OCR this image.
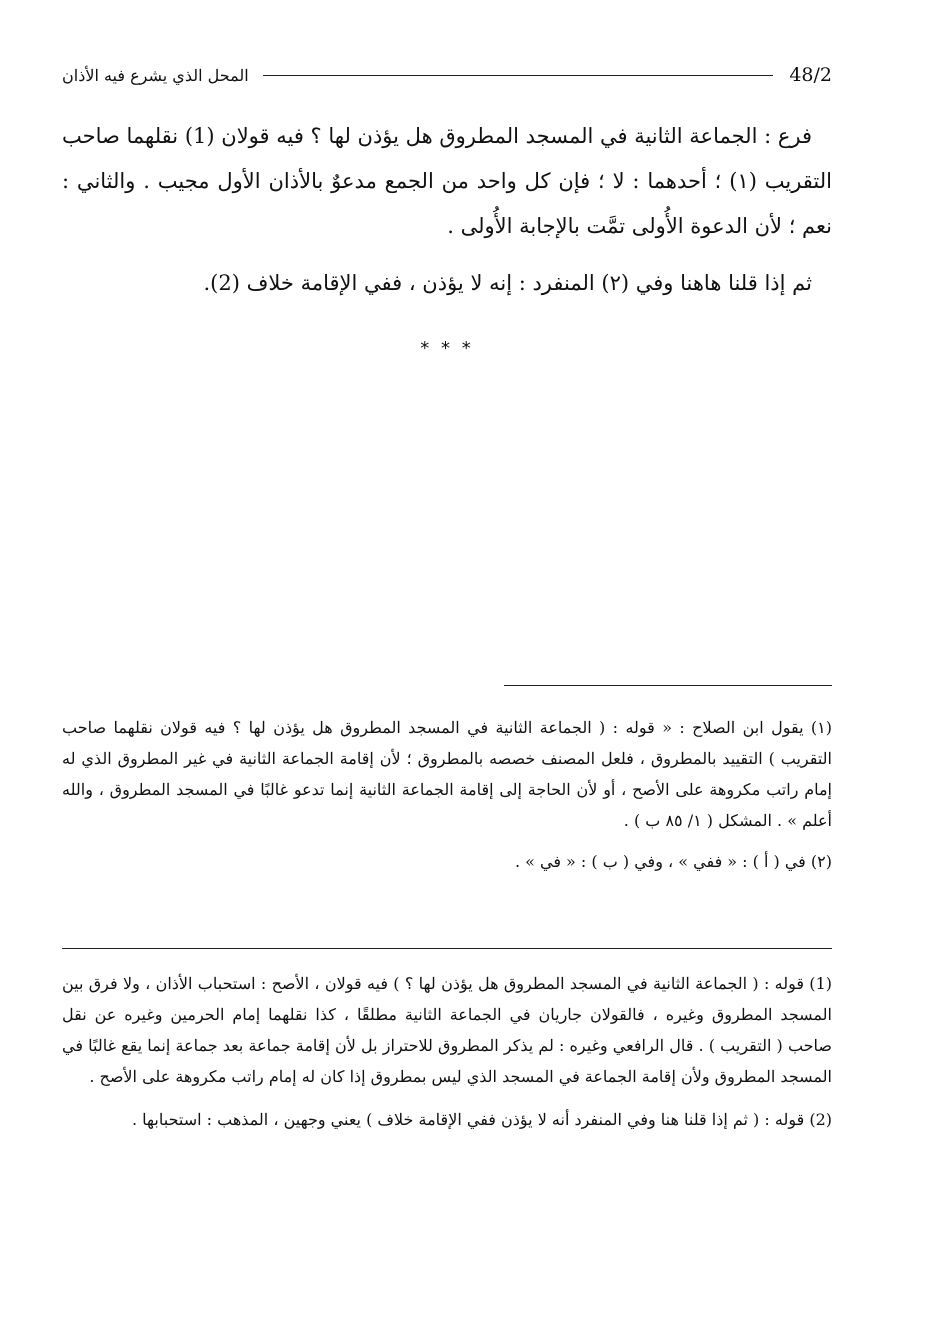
48/2
المحل الذي يشرع فيه الأذان

فرع : الجماعة الثانية في المسجد المطروق هل يؤذن لها ؟ فيه قولان (1) نقلهما صاحب التقريب (١) ؛ أحدهما : لا ؛ فإن كل واحد من الجمع مدعوٌ بالأذان الأول مجيب . والثاني : نعم ؛ لأن الدعوة الأُولى تمَّت بالإجابة الأُولى .

ثم إذا قلنا هاهنا وفي (٢) المنفرد : إنه لا يؤذن ، ففي الإقامة خلاف (2).

* * *

(١) يقول ابن الصلاح : « قوله : ( الجماعة الثانية في المسجد المطروق هل يؤذن لها ؟ فيه قولان نقلهما صاحب التقريب ) التقييد بالمطروق ، فلعل المصنف خصصه بالمطروق ؛ لأن إقامة الجماعة الثانية في غير المطروق الذي له إمام راتب مكروهة على الأصح ، أو لأن الحاجة إلى إقامة الجماعة الثانية إنما تدعو غالبًا في المسجد المطروق ، والله أعلم » . المشكل ( ١/ ٨٥ ب ) .

(٢) في ( أ ) : « ففي » ، وفي ( ب ) : « في » .

(1) قوله : ( الجماعة الثانية في المسجد المطروق هل يؤذن لها ؟ ) فيه قولان ، الأصح : استحباب الأذان ، ولا فرق بين المسجد المطروق وغيره ، فالقولان جاريان في الجماعة الثانية مطلقًا ، كذا نقلهما إمام الحرمين وغيره عن نقل صاحب ( التقريب ) . قال الرافعي وغيره : لم يذكر المطروق للاحتراز بل لأن إقامة جماعة بعد جماعة إنما يقع غالبًا في المسجد المطروق ولأن إقامة الجماعة في المسجد الذي ليس بمطروق إذا كان له إمام راتب مكروهة على الأصح .

(2) قوله : ( ثم إذا قلنا هنا وفي المنفرد أنه لا يؤذن ففي الإقامة خلاف ) يعني وجهين ، المذهب : استحبابها .
